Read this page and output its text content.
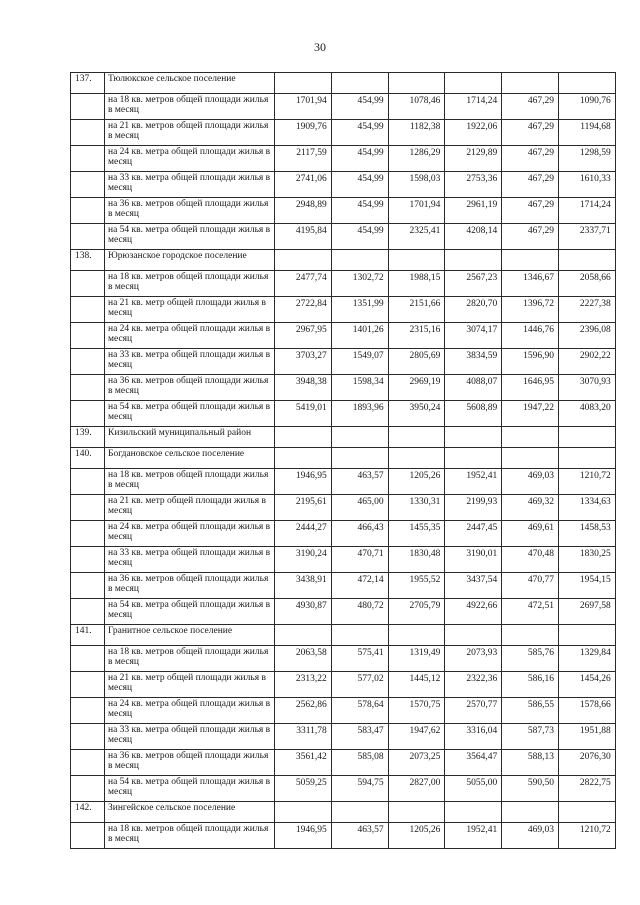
30
137.	Тюлюкское сельское поселение						
	на 18 кв. метров общей площади жилья в месяц	1701,94	454,99	1078,46	1714,24	467,29	1090,76
	на 21 кв. метров общей площади жилья в месяц	1909,76	454,99	1182,38	1922,06	467,29	1194,68
	на 24 кв. метра общей площади жилья в месяц	2117,59	454,99	1286,29	2129,89	467,29	1298,59
	на 33 кв. метра общей площади жилья в месяц	2741,06	454,99	1598,03	2753,36	467,29	1610,33
	на 36 кв. метров общей площади жилья в месяц	2948,89	454,99	1701,94	2961,19	467,29	1714,24
	на 54 кв. метра общей площади жилья в месяц	4195,84	454,99	2325,41	4208,14	467,29	2337,71
138.	Юрюзанское городское поселение						
	на 18 кв. метров общей площади жилья в месяц	2477,74	1302,72	1988,15	2567,23	1346,67	2058,66
	на 21 кв. метр общей площади жилья в месяц	2722,84	1351,99	2151,66	2820,70	1396,72	2227,38
	на 24 кв. метра общей площади жилья в месяц	2967,95	1401,26	2315,16	3074,17	1446,76	2396,08
	на 33 кв. метра общей площади жилья в месяц	3703,27	1549,07	2805,69	3834,59	1596,90	2902,22
	на 36 кв. метров общей площади жилья в месяц	3948,38	1598,34	2969,19	4088,07	1646,95	3070,93
	на 54 кв. метра общей площади жилья в месяц	5419,01	1893,96	3950,24	5608,89	1947,22	4083,20
139.	Кизильский муниципальный район						
140.	Богдановское сельское поселение						
	на 18 кв. метров общей площади жилья в месяц	1946,95	463,57	1205,26	1952,41	469,03	1210,72
	на 21 кв. метр общей площади жилья в месяц	2195,61	465,00	1330,31	2199,93	469,32	1334,63
	на 24 кв. метра общей площади жилья в месяц	2444,27	466,43	1455,35	2447,45	469,61	1458,53
	на 33 кв. метра общей площади жилья в месяц	3190,24	470,71	1830,48	3190,01	470,48	1830,25
	на 36 кв. метров общей площади жилья в месяц	3438,91	472,14	1955,52	3437,54	470,77	1954,15
	на 54 кв. метра общей площади жилья в месяц	4930,87	480,72	2705,79	4922,66	472,51	2697,58
141.	Гранитное сельское поселение						
	на 18 кв. метров общей площади жилья в месяц	2063,58	575,41	1319,49	2073,93	585,76	1329,84
	на 21 кв. метр общей площади жилья в месяц	2313,22	577,02	1445,12	2322,36	586,16	1454,26
	на 24 кв. метра общей площади жилья в месяц	2562,86	578,64	1570,75	2570,77	586,55	1578,66
	на 33 кв. метра общей площади жилья в месяц	3311,78	583,47	1947,62	3316,04	587,73	1951,88
	на 36 кв. метров общей площади жилья в месяц	3561,42	585,08	2073,25	3564,47	588,13	2076,30
	на 54 кв. метра общей площади жилья в месяц	5059,25	594,75	2827,00	5055,00	590,50	2822,75
142.	Зингейское сельское поселение						
	на 18 кв. метров общей площади жилья в месяц	1946,95	463,57	1205,26	1952,41	469,03	1210,72
